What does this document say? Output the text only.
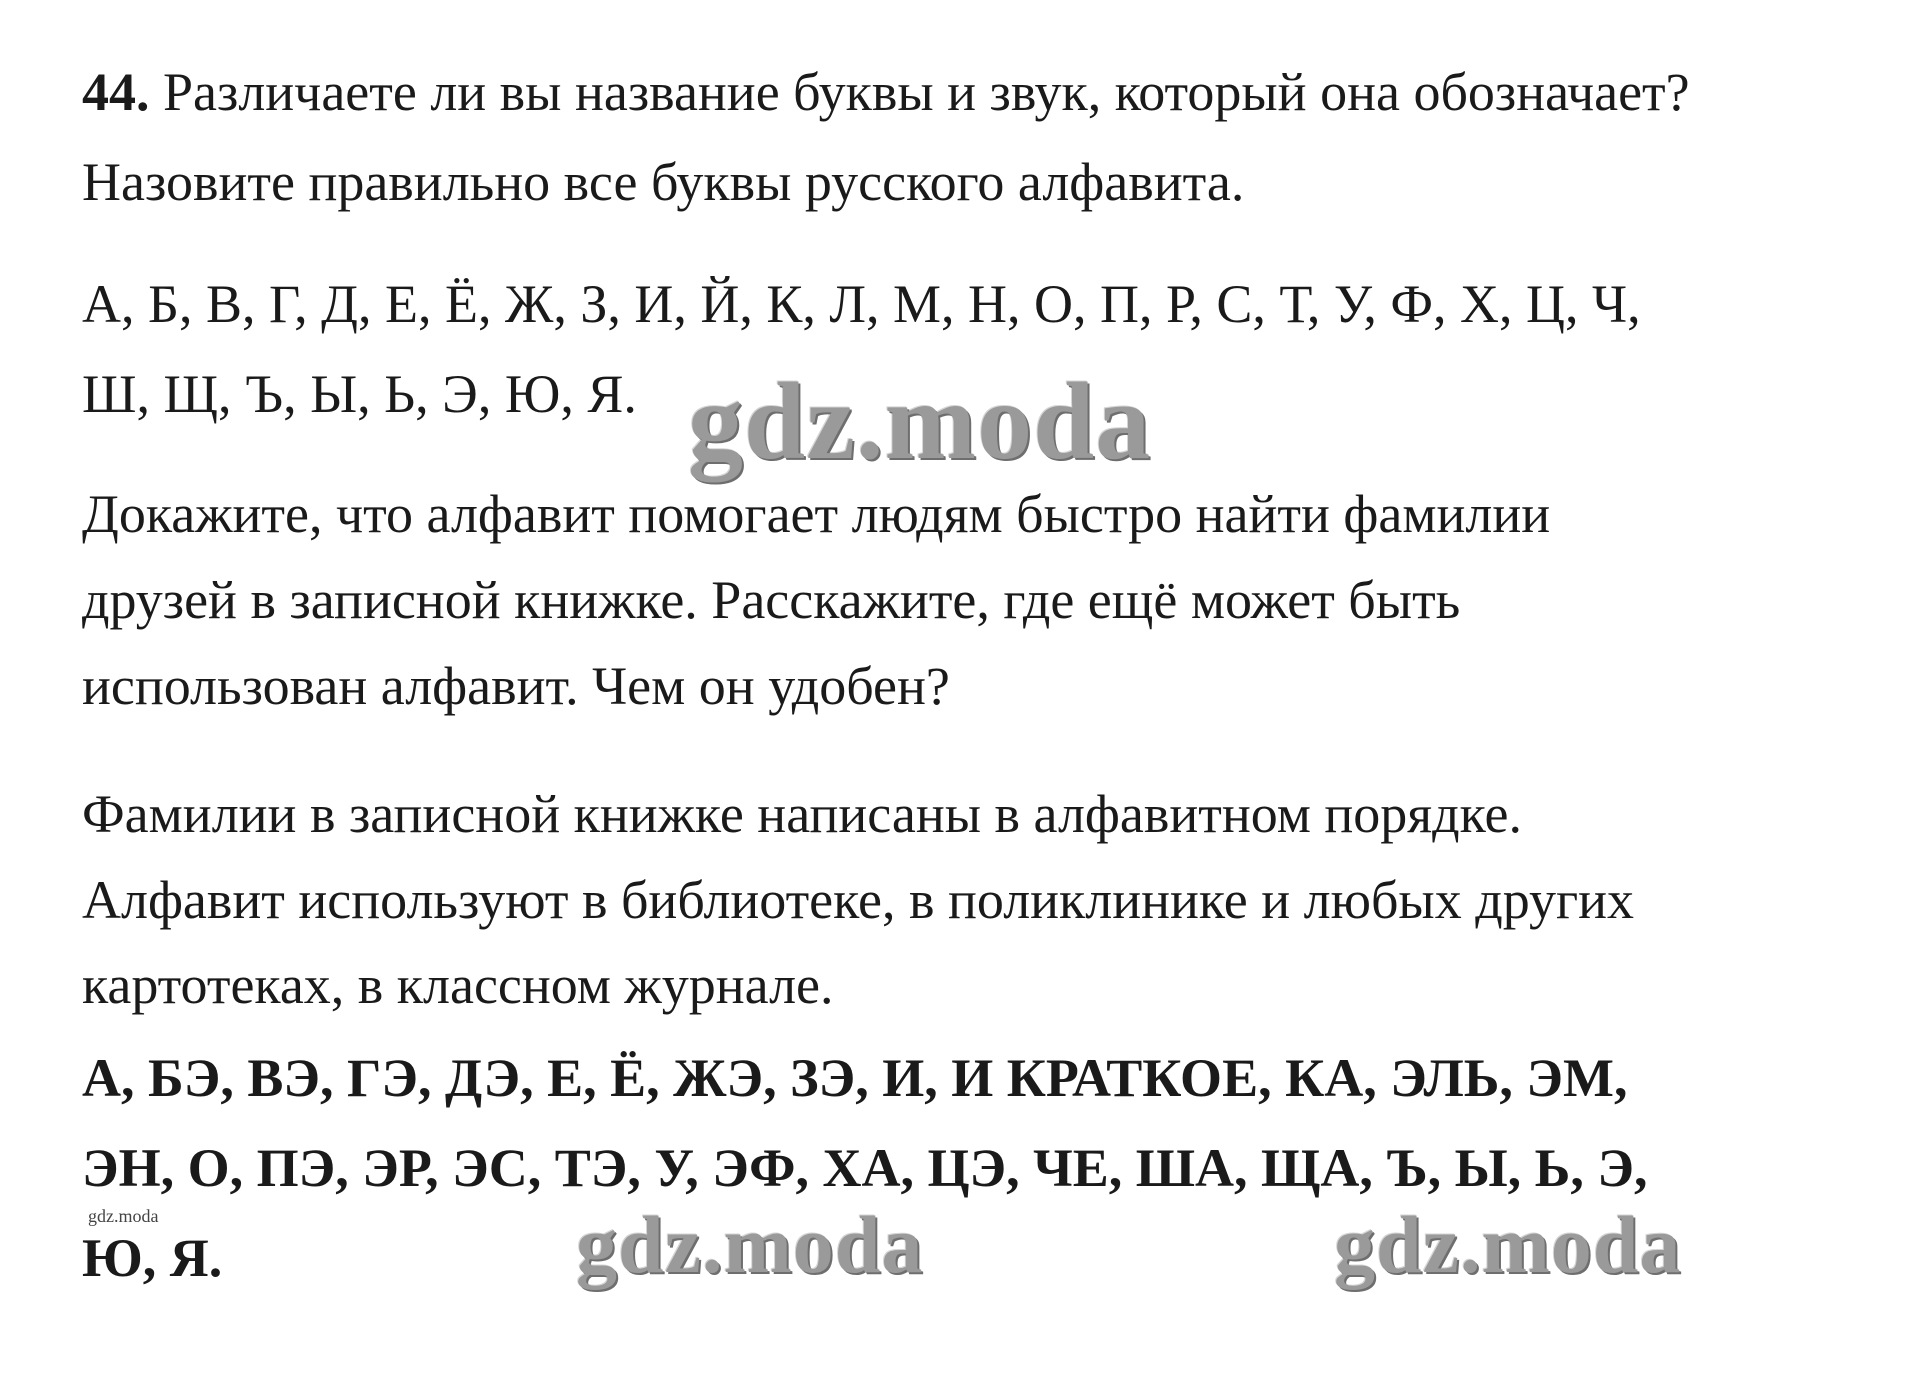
44. Различаете ли вы название буквы и звук, который она обозначает?
Назовите правильно все буквы русского алфавита.
А, Б, В, Г, Д, Е, Ё, Ж, З, И, Й, К, Л, М, Н, О, П, Р, С, Т, У, Ф, Х, Ц, Ч,
Ш, Щ, Ъ, Ы, Ь, Э, Ю, Я. gdz.moda
Докажите, что алфавит помогает людям быстро найти фамилии
друзей в записной книжке. Расскажите, где ещё может быть
использован алфавит. Чем он удобен?
Фамилии в записной книжке написаны в алфавитном порядке.
Алфавит используют в библиотеке, в поликлинике и любых других
картотеках, в классном журнале.
А, БЭ, ВЭ, ГЭ, ДЭ, Е, Ё, ЖЭ, ЗЭ, И, И КРАТКОЕ, КА, ЭЛЬ, ЭМ,
ЭН, О, ПЭ, ЭР, ЭС, ТЭ, У, ЭФ, ХА, ЦЭ, ЧЕ, ША, ЩА, Ъ, Ы, Ь, Э,
gdz.moda
Ю, Я.	gdz.moda	gdz.moda
